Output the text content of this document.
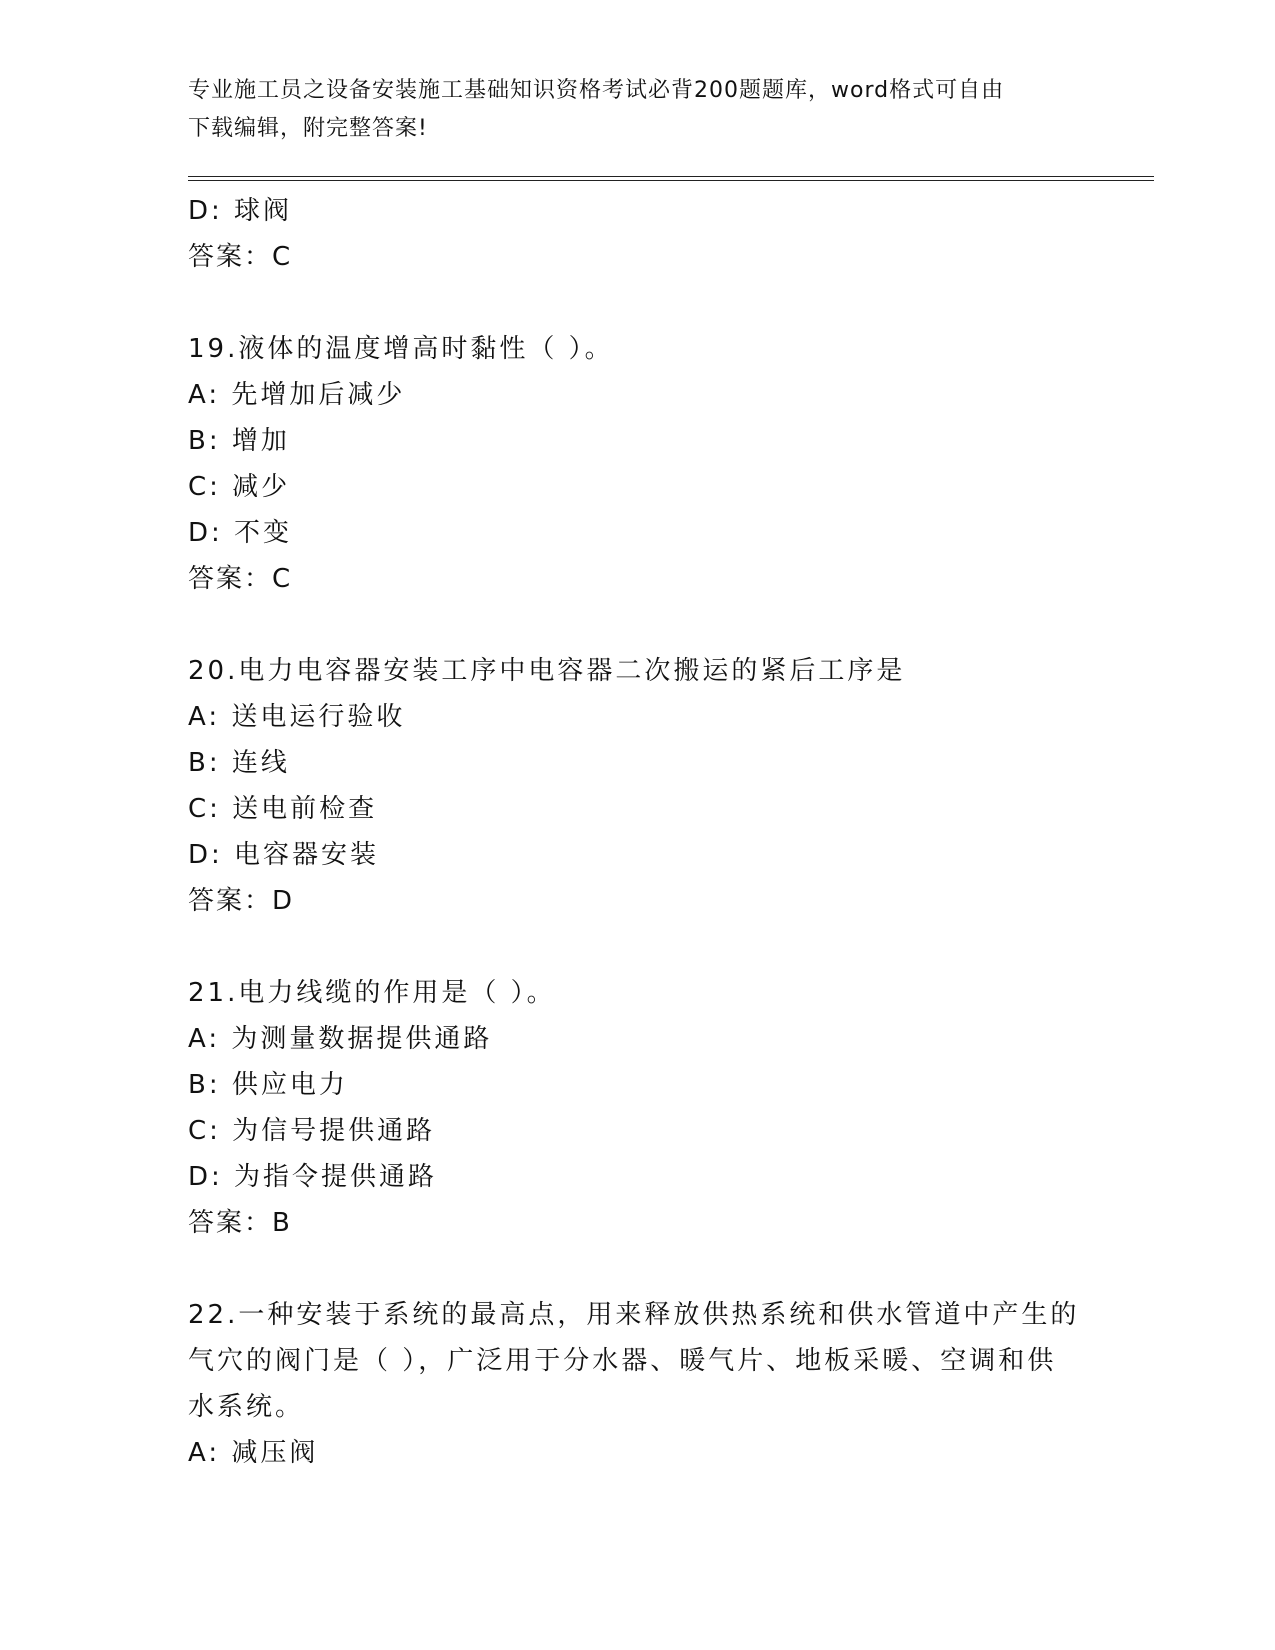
专业施工员之设备安装施工基础知识资格考试必背200题题库，word格式可自由
下载编辑，附完整答案!
D: 球阀
答案：C
19.液体的温度增高时黏性（ ）。
A: 先增加后减少
B: 增加
C: 减少
D: 不变
答案：C
20.电力电容器安装工序中电容器二次搬运的紧后工序是
A: 送电运行验收
B: 连线
C: 送电前检查
D: 电容器安装
答案：D
21.电力线缆的作用是（ ）。
A: 为测量数据提供通路
B: 供应电力
C: 为信号提供通路
D: 为指令提供通路
答案：B
22.一种安装于系统的最高点，用来释放供热系统和供水管道中产生的
气穴的阀门是（ ），广泛用于分水器、暖气片、地板采暖、空调和供
水系统。
A: 减压阀
